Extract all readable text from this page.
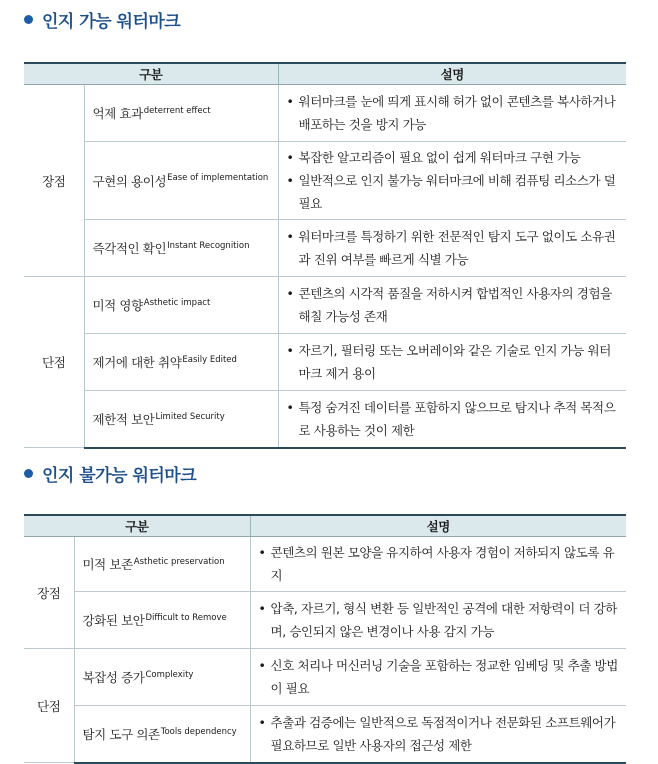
인지 가능 워터마크
구분		설명
장점	억제 효과$^{deterrent effect}$	• 워터마크를 눈에 띄게 표시해 허가 없이 콘텐츠를 복사하거나 배포하는 것을 방지 가능

	구현의 용이성$^{Ease of implementation}$	• 복잡한 알고리즘이 필요 없이 쉽게 워터마크 구현 가능
• 일반적으로 인지 불가능 워터마크에 비해 컴퓨팅 리소스가 덜 필요

	즉각적인 확인$^{Instant Recognition}$	• 워터마크를 특정하기 위한 전문적인 탐지 도구 없이도 소유권과 진위 여부를 빠르게 식별 가능

단점	미적 영향$^{Asthetic impact}$	• 콘텐츠의 시각적 품질을 저하시켜 합법적인 사용자의 경험을 해칠 가능성 존재

	제거에 대한 취약$^{Easily Edited}$	• 자르기, 필터링 또는 오버레이와 같은 기술로 인지 가능 워터마크 제거 용이

	제한적 보안$^{Limited Security}$	• 특정 숨겨진 데이터를 포함하지 않으므로 탐지나 추적 목적으로 사용하는 것이 제한
인지 불가능 워터마크
구분		설명
장점	미적 보존$^{Asthetic preservation}$	• 콘텐츠의 원본 모양을 유지하여 사용자 경험이 저하되지 않도록 유지

	강화된 보안$^{Difficult to Remove}$	• 압축, 자르기, 형식 변환 등 일반적인 공격에 대한 저항력이 더 강하며, 승인되지 않은 변경이나 사용 감지 가능

단점	복잡성 증가$^{Complexity}$	• 신호 처리나 머신러닝 기술을 포함하는 정교한 임베딩 및 추출 방법이 필요

	탐지 도구 의존$^{Tools dependency}$	• 추출과 검증에는 일반적으로 독점적이거나 전문화된 소프트웨어가 필요하므로 일반 사용자의 접근성 제한
